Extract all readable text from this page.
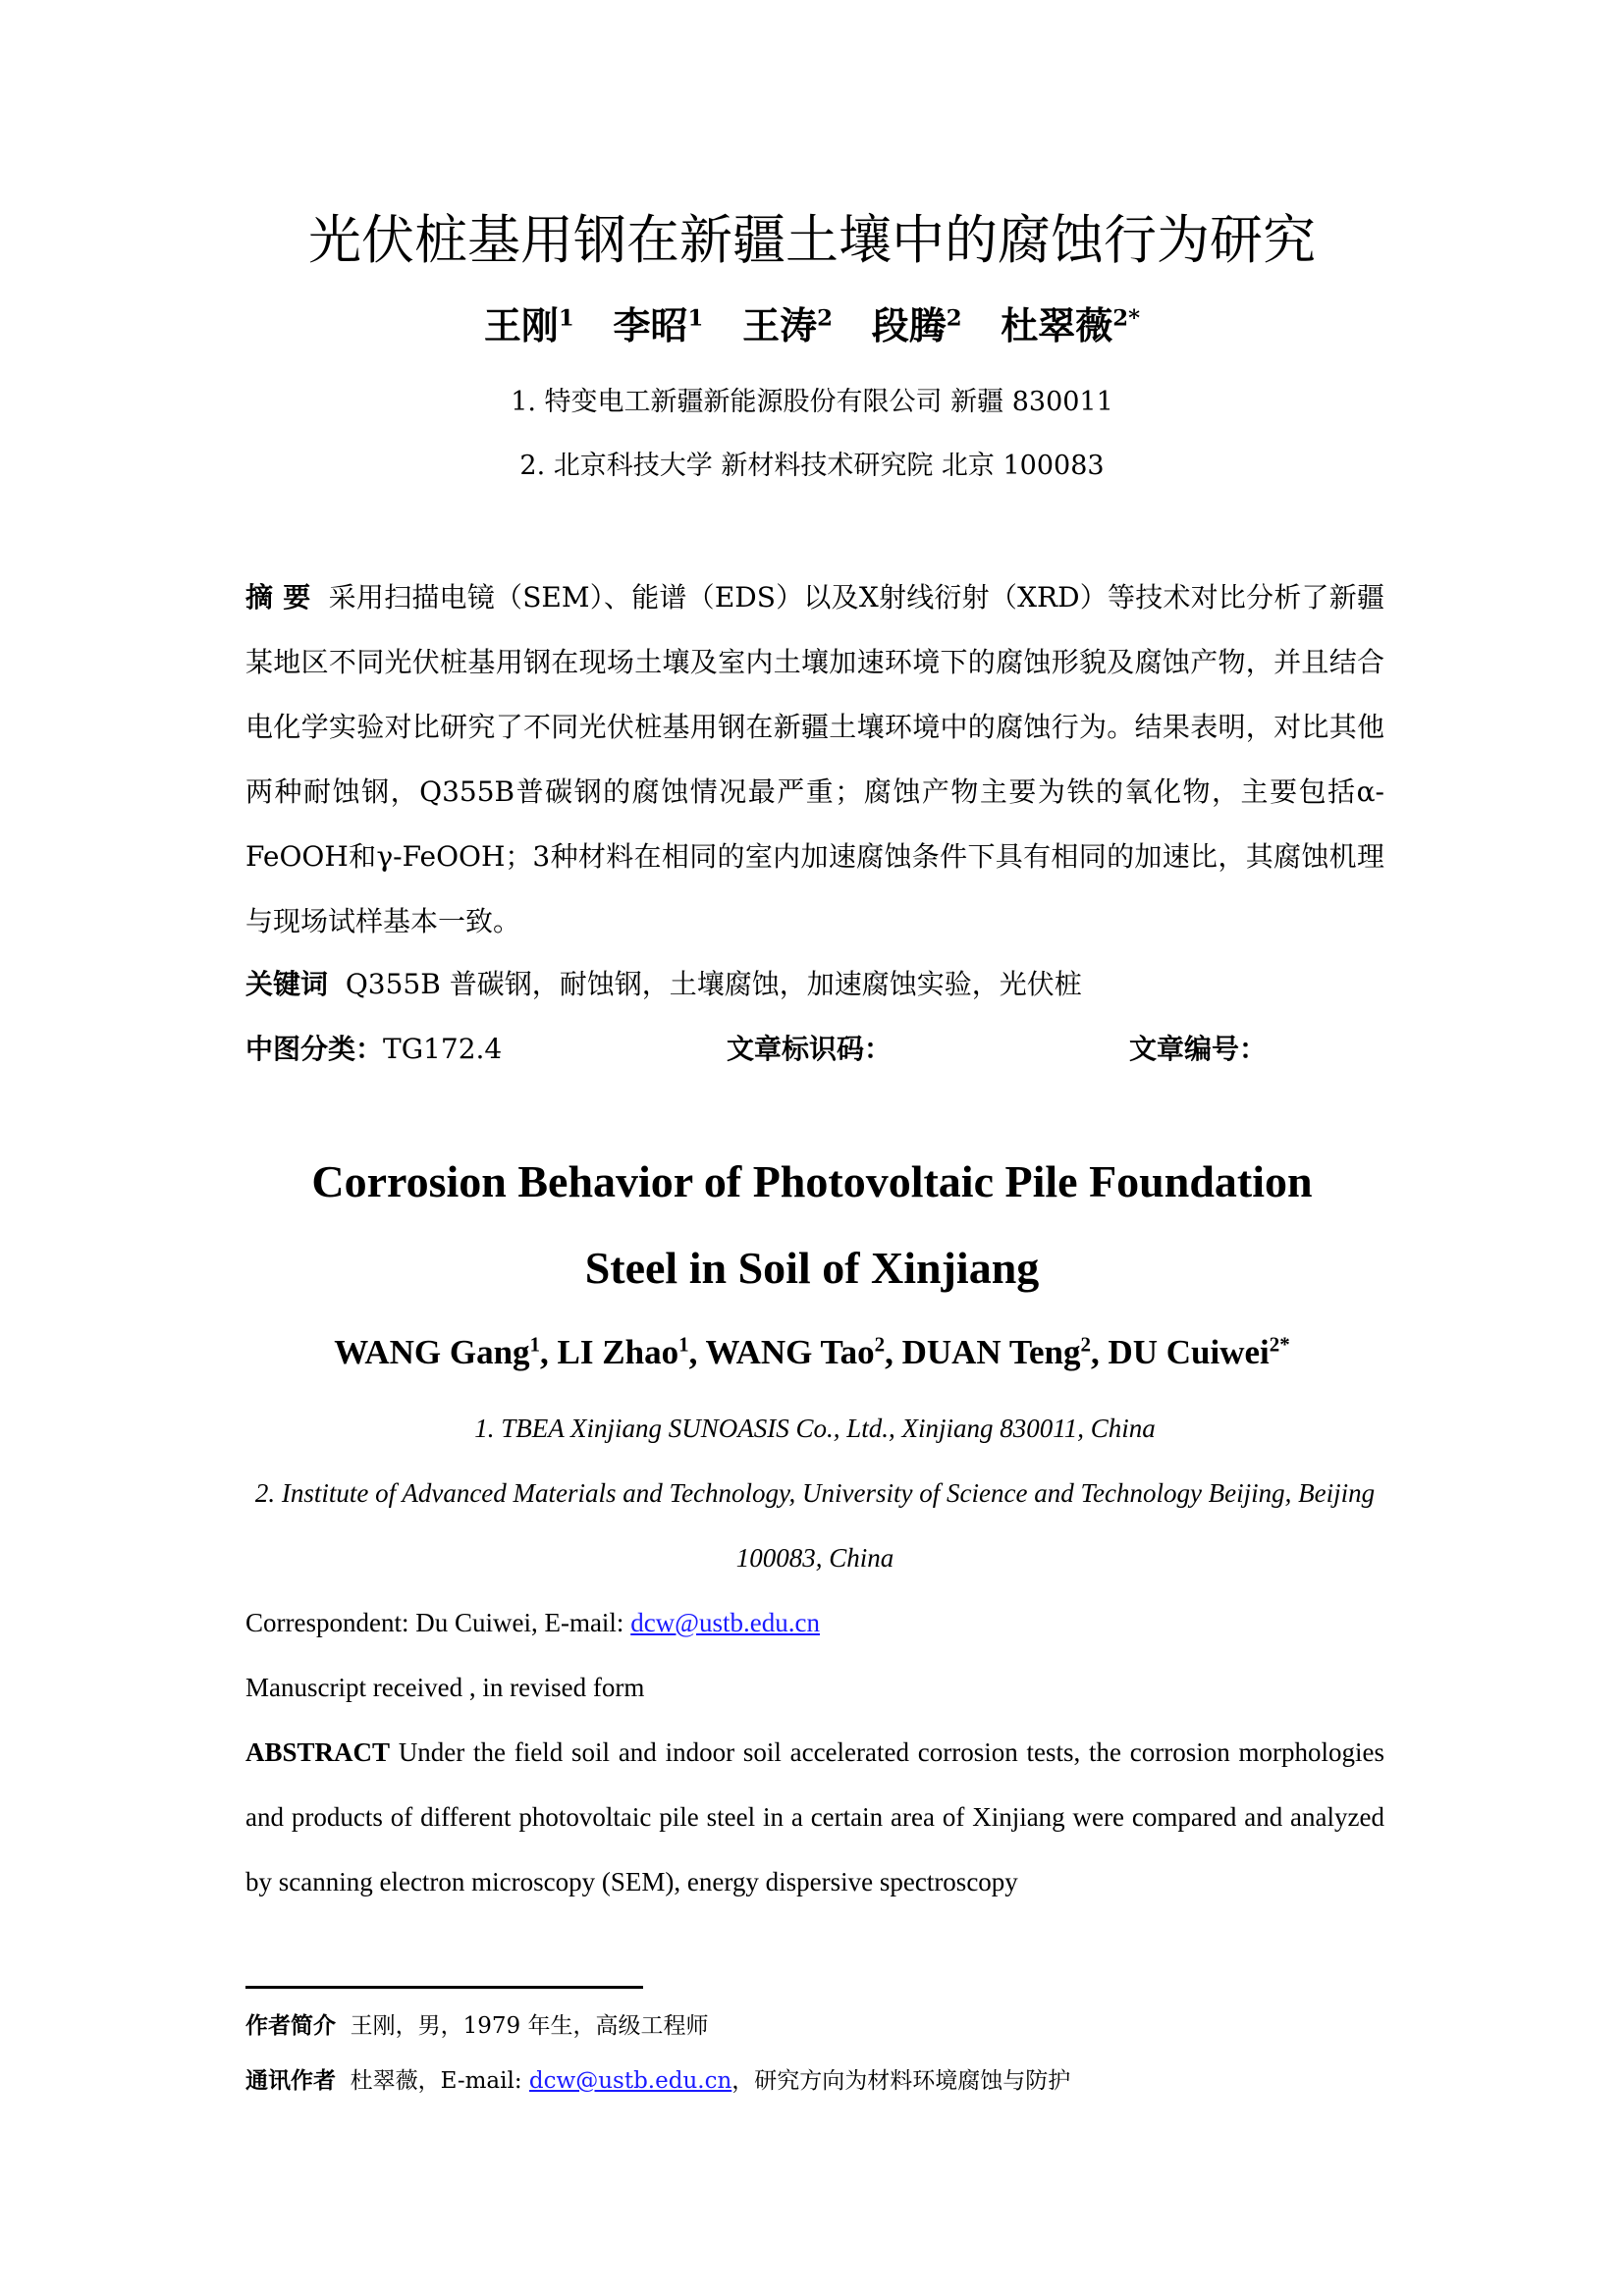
光伏桩基用钢在新疆土壤中的腐蚀行为研究
王刚$^1$ 李昭$^1$ 王涛$^2$ 段腾$^2$ 杜翠薇$^{2*}$
1. 特变电工新疆新能源股份有限公司 新疆 830011
2. 北京科技大学 新材料技术研究院 北京 100083
摘 要 采用扫描电镜（SEM）、能谱（EDS）以及X射线衍射（XRD）等技术对比分析了新疆某地区不同光伏桩基用钢在现场土壤及室内土壤加速环境下的腐蚀形貌及腐蚀产物，并且结合电化学实验对比研究了不同光伏桩基用钢在新疆土壤环境中的腐蚀行为。结果表明，对比其他两种耐蚀钢，Q355B普碳钢的腐蚀情况最严重；腐蚀产物主要为铁的氧化物，主要包括α-FeOOH和γ-FeOOH；3种材料在相同的室内加速腐蚀条件下具有相同的加速比，其腐蚀机理与现场试样基本一致。
关键词 Q355B 普碳钢，耐蚀钢，土壤腐蚀，加速腐蚀实验，光伏桩
中图分类：TG172.4	文章标识码：	文章编号：
Corrosion Behavior of Photovoltaic Pile Foundation
Steel in Soil of Xinjiang
WANG Gang$^1$, LI Zhao$^1$, WANG Tao$^2$, DUAN Teng$^2$, DU Cuiwei$^{2*}$
1. TBEA Xinjiang SUNOASIS Co., Ltd., Xinjiang 830011, China
2. Institute of Advanced Materials and Technology, University of Science and Technology Beijing, Beijing 100083, China
Correspondent: Du Cuiwei, E-mail: dcw@ustb.edu.cn
Manuscript received , in revised form
ABSTRACT Under the field soil and indoor soil accelerated corrosion tests, the corrosion morphologies and products of different photovoltaic pile steel in a certain area of Xinjiang were compared and analyzed by scanning electron microscopy (SEM), energy dispersive spectroscopy
作者简介 王刚，男，1979 年生，高级工程师
通讯作者 杜翠薇，E-mail: dcw@ustb.edu.cn，研究方向为材料环境腐蚀与防护
